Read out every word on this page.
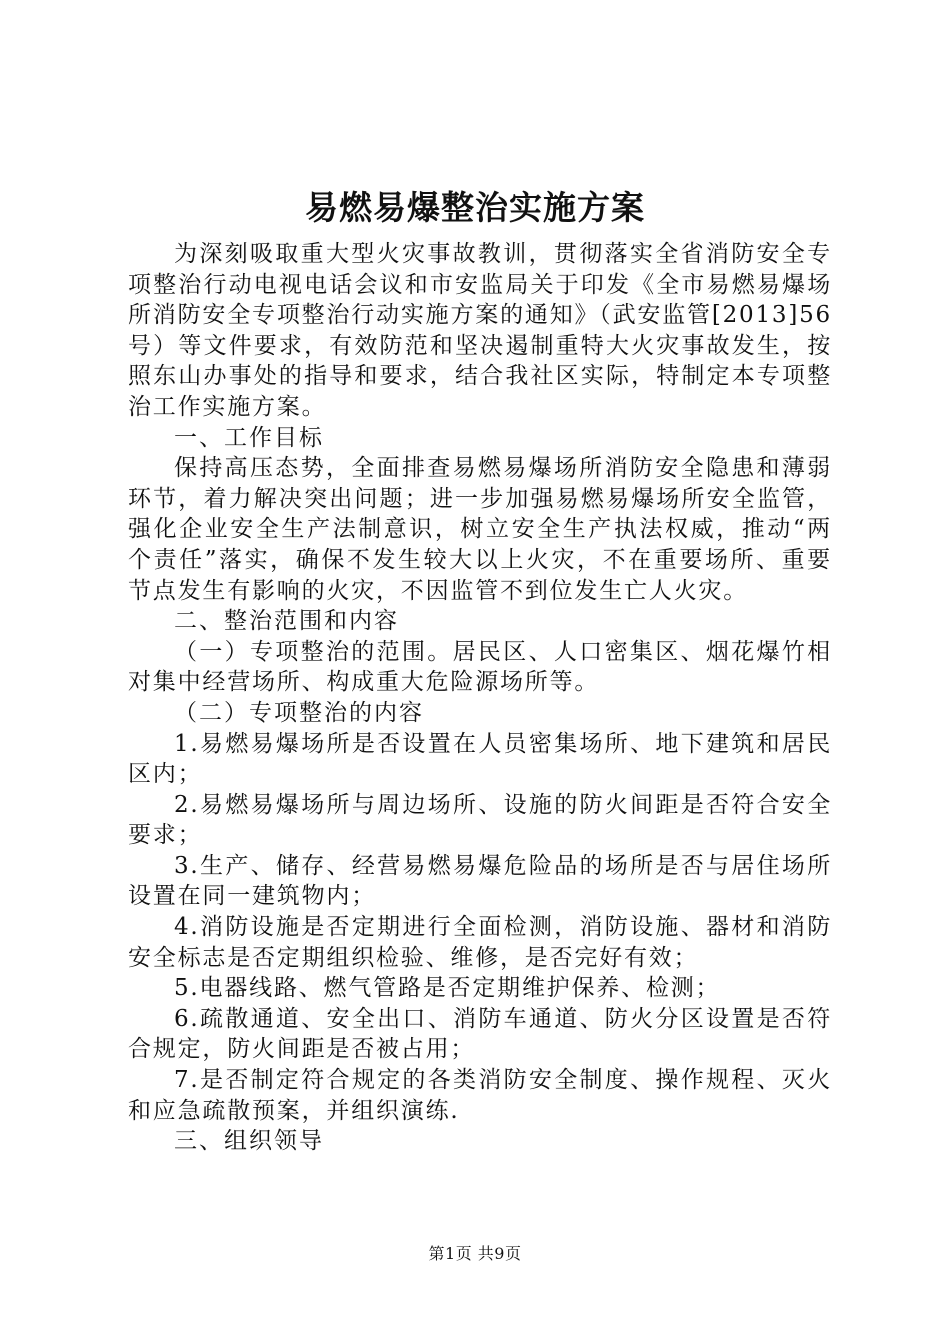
易燃易爆整治实施方案

为深刻吸取重大型火灾事故教训，贯彻落实全省消防安全专项整治行动电视电话会议和市安监局关于印发《全市易燃易爆场所消防安全专项整治行动实施方案的通知》（武安监管[2013]56号）等文件要求，有效防范和坚决遏制重特大火灾事故发生，按照东山办事处的指导和要求，结合我社区实际，特制定本专项整治工作实施方案。

一、工作目标

保持高压态势，全面排查易燃易爆场所消防安全隐患和薄弱环节，着力解决突出问题；进一步加强易燃易爆场所安全监管，强化企业安全生产法制意识，树立安全生产执法权威，推动“两个责任”落实，确保不发生较大以上火灾，不在重要场所、重要节点发生有影响的火灾，不因监管不到位发生亡人火灾。

二、整治范围和内容

（一）专项整治的范围。居民区、人口密集区、烟花爆竹相对集中经营场所、构成重大危险源场所等。

（二）专项整治的内容

1.易燃易爆场所是否设置在人员密集场所、地下建筑和居民区内；

2.易燃易爆场所与周边场所、设施的防火间距是否符合安全要求；

3.生产、储存、经营易燃易爆危险品的场所是否与居住场所设置在同一建筑物内；

4.消防设施是否定期进行全面检测，消防设施、器材和消防安全标志是否定期组织检验、维修，是否完好有效；

5.电器线路、燃气管路是否定期维护保养、检测；

6.疏散通道、安全出口、消防车通道、防火分区设置是否符合规定，防火间距是否被占用；

7.是否制定符合规定的各类消防安全制度、操作规程、灭火和应急疏散预案，并组织演练.

三、组织领导

第1页 共9页
